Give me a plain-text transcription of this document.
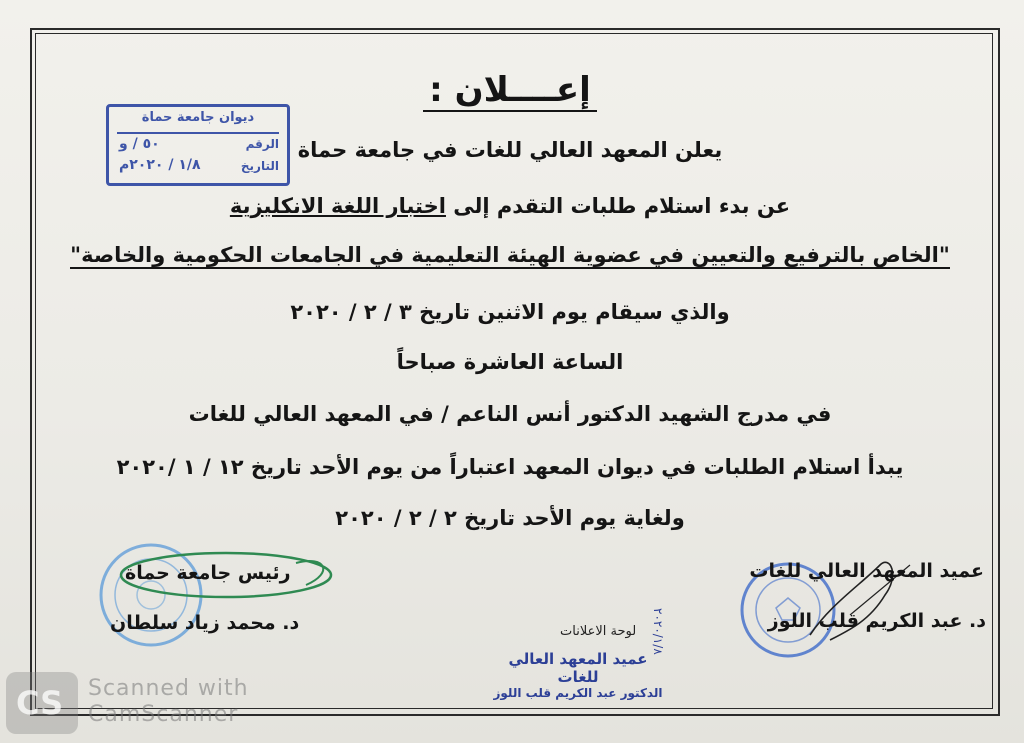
ديوان جامعة حماة
الرقم
٥٠ / و
التاريخ
١/٨ / ٢٠٢٠م
إعــــلان :
يعلن المعهد العالي للغات في جامعة حماة
عن بدء استلام طلبات التقدم إلى اختبار اللغة الانكليزية
"الخاص بالترفيع والتعيين في عضوية الهيئة التعليمية في الجامعات الحكومية والخاصة"
والذي سيقام يوم الاثنين تاريخ ٣ / ٢ / ٢٠٢٠
الساعة العاشرة صباحاً
في مدرج الشهيد الدكتور أنس الناعم / في المعهد العالي للغات
يبدأ استلام الطلبات في ديوان المعهد اعتباراً من يوم الأحد تاريخ ١٢ / ١ /٢٠٢٠
ولغاية يوم الأحد تاريخ ٢ / ٢ / ٢٠٢٠
عميد المعهد العالي للغات
د. عبد الكريم قلب اللوز
رئيس جامعة حماة
د. محمد زياد سلطان	لوحة الاعلانات ٢٠٢٠/١/٨
عميد المعهد العالي للغات
الدكتور عبد الكريم قلب اللوز
CS Scanned with
CamScanner
